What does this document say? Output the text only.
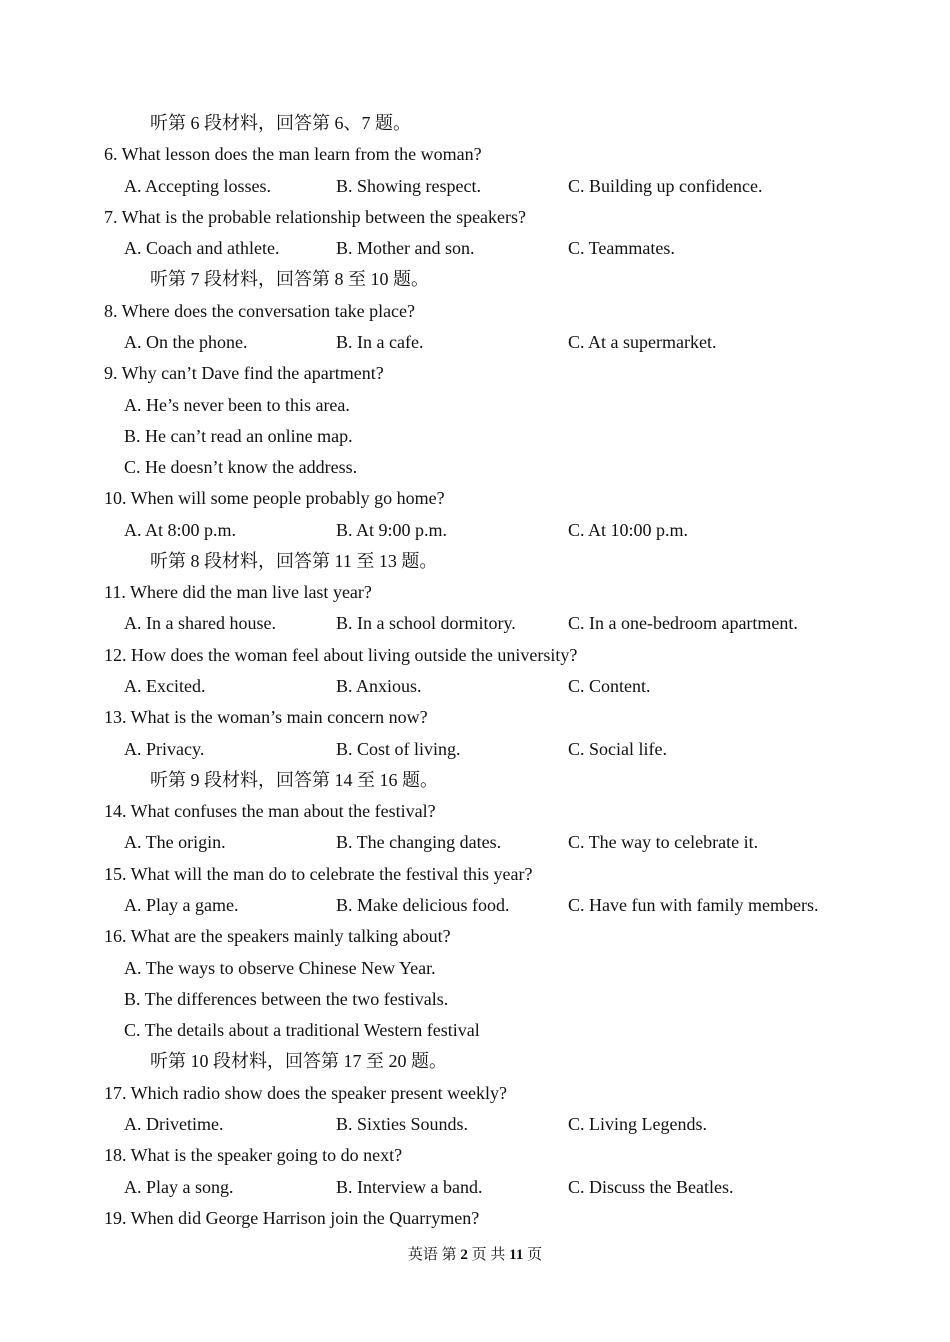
听第 6 段材料，回答第 6、7 题。
6. What lesson does the man learn from the woman?
A. Accepting losses.	B. Showing respect.	C. Building up confidence.
7. What is the probable relationship between the speakers?
A. Coach and athlete.	B. Mother and son.	C. Teammates.
听第 7 段材料，回答第 8 至 10 题。
8. Where does the conversation take place?
A. On the phone.	B. In a cafe.	C. At a supermarket.
9. Why can’t Dave find the apartment?
A. He’s never been to this area.
B. He can’t read an online map.
C. He doesn’t know the address.
10. When will some people probably go home?
A. At 8:00 p.m.	B. At 9:00 p.m.	C. At 10:00 p.m.
听第 8 段材料，回答第 11 至 13 题。
11. Where did the man live last year?
A. In a shared house.	B. In a school dormitory.	C. In a one-bedroom apartment.
12. How does the woman feel about living outside the university?
A. Excited.	B. Anxious.	C. Content.
13. What is the woman’s main concern now?
A. Privacy.	B. Cost of living.	C. Social life.
听第 9 段材料，回答第 14 至 16 题。
14. What confuses the man about the festival?
A. The origin.	B. The changing dates.	C. The way to celebrate it.
15. What will the man do to celebrate the festival this year?
A. Play a game.	B. Make delicious food.	C. Have fun with family members.
16. What are the speakers mainly talking about?
A. The ways to observe Chinese New Year.
B. The differences between the two festivals.
C. The details about a traditional Western festival
听第 10 段材料，回答第 17 至 20 题。
17. Which radio show does the speaker present weekly?
A. Drivetime.	B. Sixties Sounds.	C. Living Legends.
18. What is the speaker going to do next?
A. Play a song.	B. Interview a band.	C. Discuss the Beatles.
19. When did George Harrison join the Quarrymen?
英语 第 2 页 共 11 页
